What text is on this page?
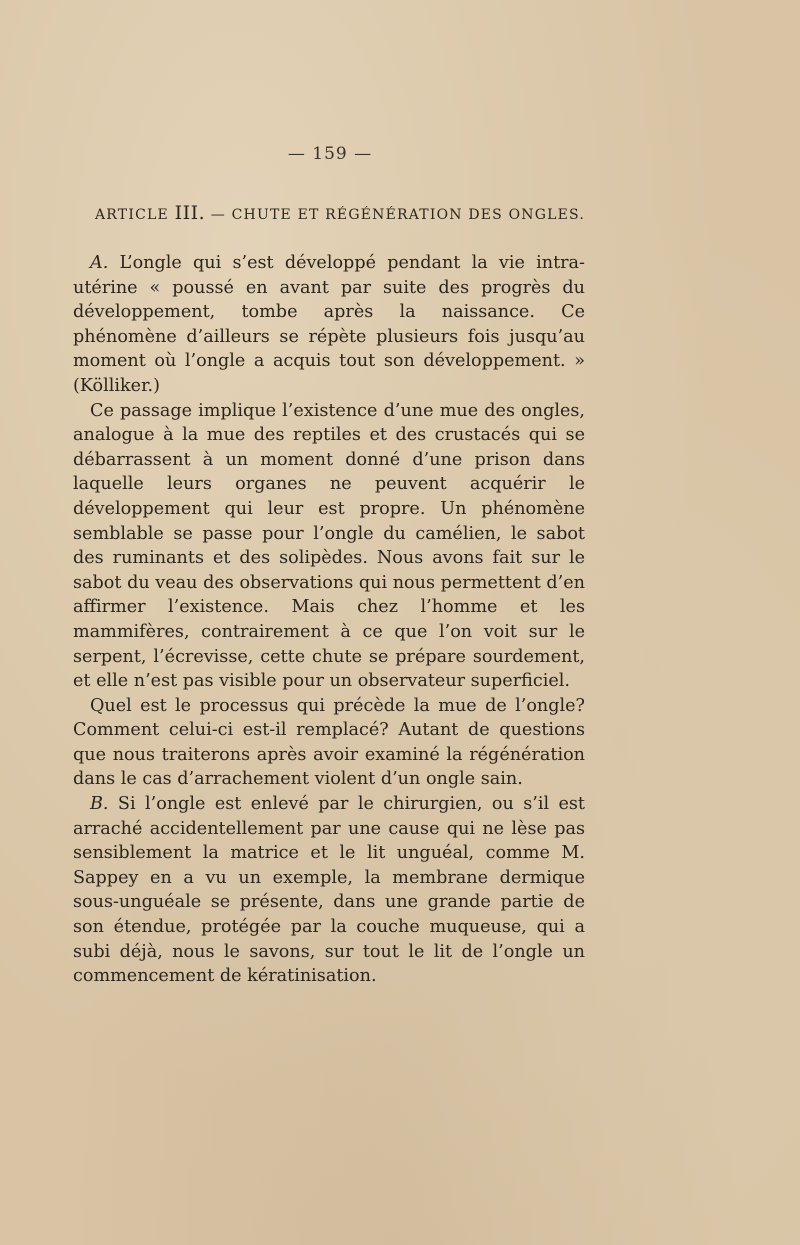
— 159 —
ARTICLE III. — CHUTE ET RÉGÉNÉRATION DES ONGLES.

A. L’ongle qui s’est développé pendant la vie intra-utérine « poussé en avant par suite des progrès du développement, tombe après la naissance. Ce phénomène d’ailleurs se répète plusieurs fois jusqu’au moment où l’ongle a acquis tout son développement. » (Kölliker.)

Ce passage implique l’existence d’une mue des ongles, analogue à la mue des reptiles et des crustacés qui se débarrassent à un moment donné d’une prison dans laquelle leurs organes ne peuvent acquérir le développement qui leur est propre. Un phénomène semblable se passe pour l’ongle du camélien, le sabot des ruminants et des solipèdes. Nous avons fait sur le sabot du veau des observations qui nous permettent d’en affirmer l’existence. Mais chez l’homme et les mammifères, contrairement à ce que l’on voit sur le serpent, l’écrevisse, cette chute se prépare sourdement, et elle n’est pas visible pour un observateur superficiel.

Quel est le processus qui précède la mue de l’ongle? Comment celui-ci est-il remplacé? Autant de questions que nous traiterons après avoir examiné la régénération dans le cas d’arrachement violent d’un ongle sain.

B. Si l’ongle est enlevé par le chirurgien, ou s’il est arraché accidentellement par une cause qui ne lèse pas sensiblement la matrice et le lit unguéal, comme M. Sappey en a vu un exemple, la membrane dermique sous-unguéale se présente, dans une grande partie de son étendue, protégée par la couche muqueuse, qui a subi déjà, nous le savons, sur tout le lit de l’ongle un commencement de kératinisation.
